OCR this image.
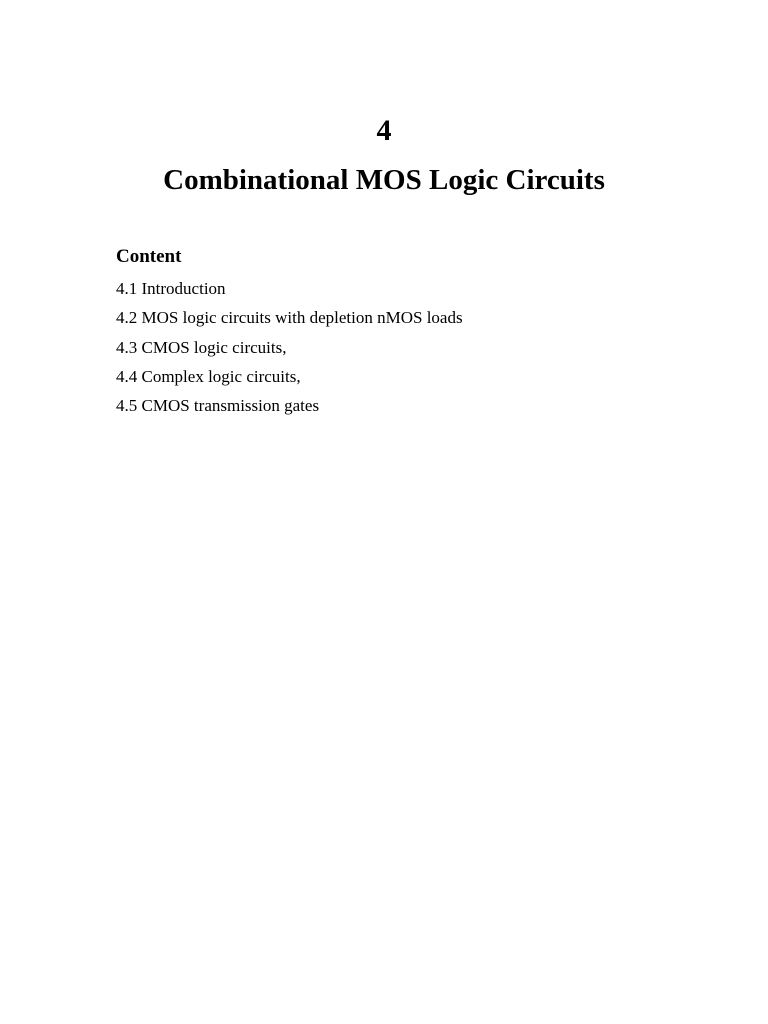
4
Combinational MOS Logic Circuits
Content
4.1 Introduction
4.2 MOS logic circuits with depletion nMOS loads
4.3 CMOS logic circuits,
4.4 Complex logic circuits,
4.5 CMOS transmission gates
